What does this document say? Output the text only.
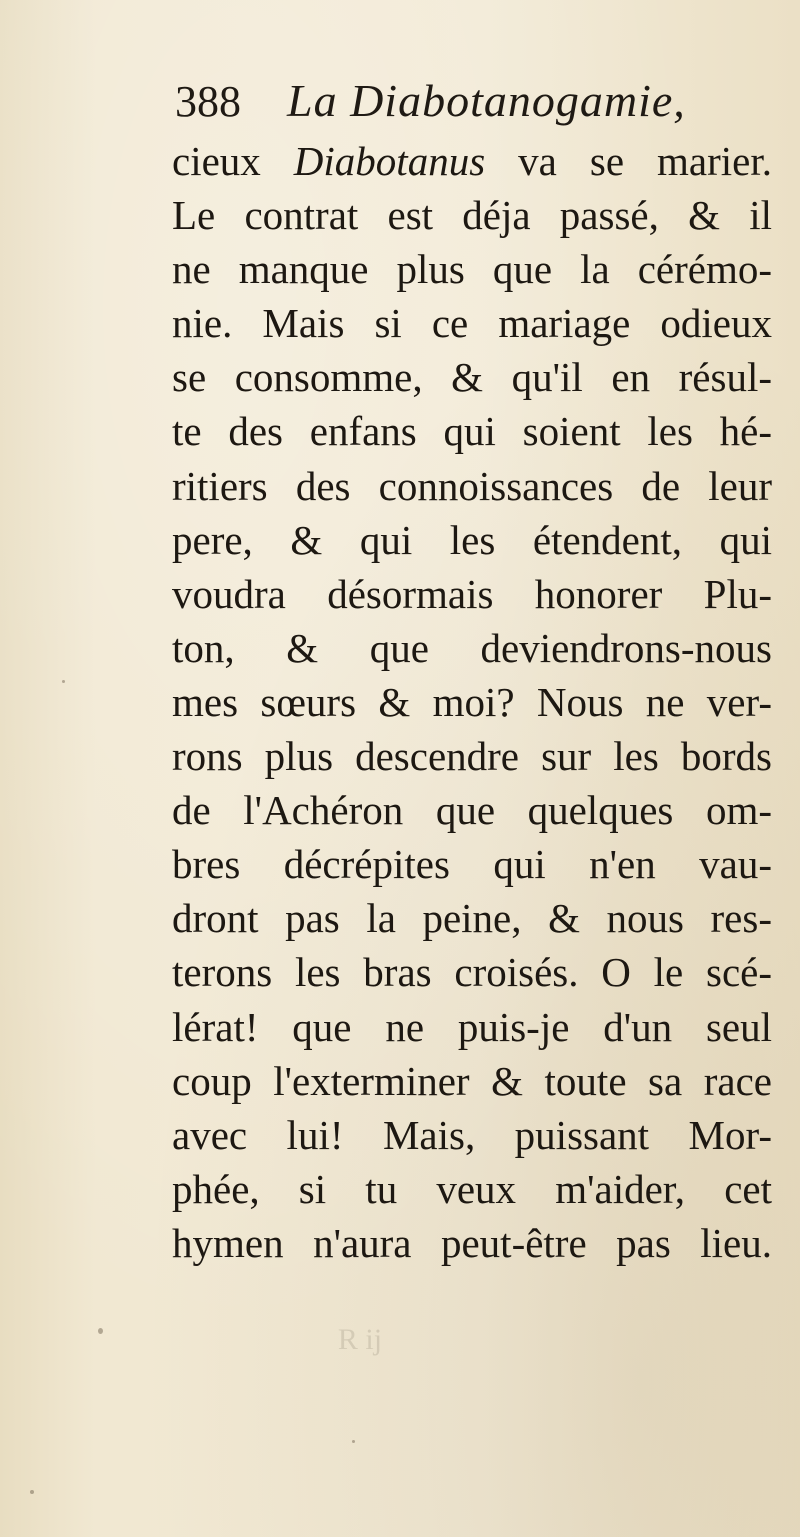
388 La Diabotanogamie,
cieux Diabotanus va se marier.
Le contrat est déja passé, & il
ne manque plus que la cérémo-
nie. Mais si ce mariage odieux
se consomme, & qu'il en résul-
te des enfans qui soient les hé-
ritiers des connoissances de leur
pere, & qui les étendent, qui
voudra désormais honorer Plu-
ton, & que deviendrons-nous
mes sœurs & moi? Nous ne ver-
rons plus descendre sur les bords
de l'Achéron que quelques om-
bres décrépites qui n'en vau-
dront pas la peine, & nous res-
terons les bras croisés. O le scé-
lérat! que ne puis-je d'un seul
coup l'exterminer & toute sa race
avec lui! Mais, puissant Mor-
phée, si tu veux m'aider, cet
hymen n'aura peut-être pas lieu.
R ij
